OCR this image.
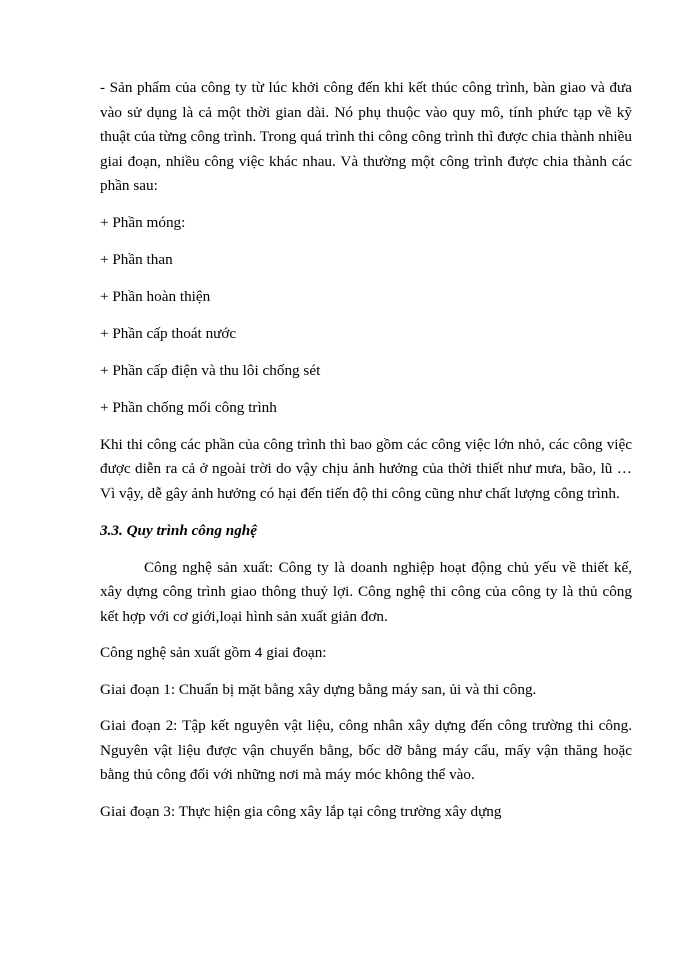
- Sản phẩm của công ty từ lúc khởi công đến khi kết thúc công trình, bàn giao và đưa vào sử dụng là cả một thời gian dài. Nó phụ thuộc vào quy mô, tính phức tạp về kỹ thuật của từng công trình. Trong quá trình thi công công trình thì được chia thành nhiều giai đoạn, nhiều công việc khác nhau. Và thường một công trình được chia thành các phần sau:

+ Phần móng:

+ Phần than

+ Phần hoàn thiện

+ Phần cấp thoát nước

+ Phần cấp điện và thu lôi chống sét

+ Phần chống mối công trình

Khi thi công các phần của công trình thì bao gồm các công việc lớn nhỏ, các công việc được diễn ra cả ở ngoài trời do vậy chịu ảnh hưởng của thời thiết như mưa, bão, lũ … Vì vậy, dễ gây ảnh hưởng có hại đến tiến độ thi công cũng như chất lượng công trình.

3.3. Quy trình công nghệ

Công nghệ sản xuất: Công ty là doanh nghiệp hoạt động chủ yếu về thiết kế, xây dựng công trình giao thông thuỷ lợi. Công nghệ thi công của công ty là thủ công kết hợp với cơ giới,loại hình sản xuất giản đơn.

Công nghệ sản xuất gồm 4 giai đoạn:

Giai đoạn 1: Chuẩn bị mặt bằng xây dựng bằng máy san, ủi và thi công.

Giai đoạn 2: Tập kết nguyên vật liệu, công nhân xây dựng đến công trường thi công. Nguyên vật liệu được vận chuyển bằng, bốc dỡ bằng máy cẩu, mấy vận thăng hoặc bằng thủ công đối với những nơi mà máy móc không thể vào.

Giai đoạn 3: Thực hiện gia công xây lắp tại công trường xây dựng
